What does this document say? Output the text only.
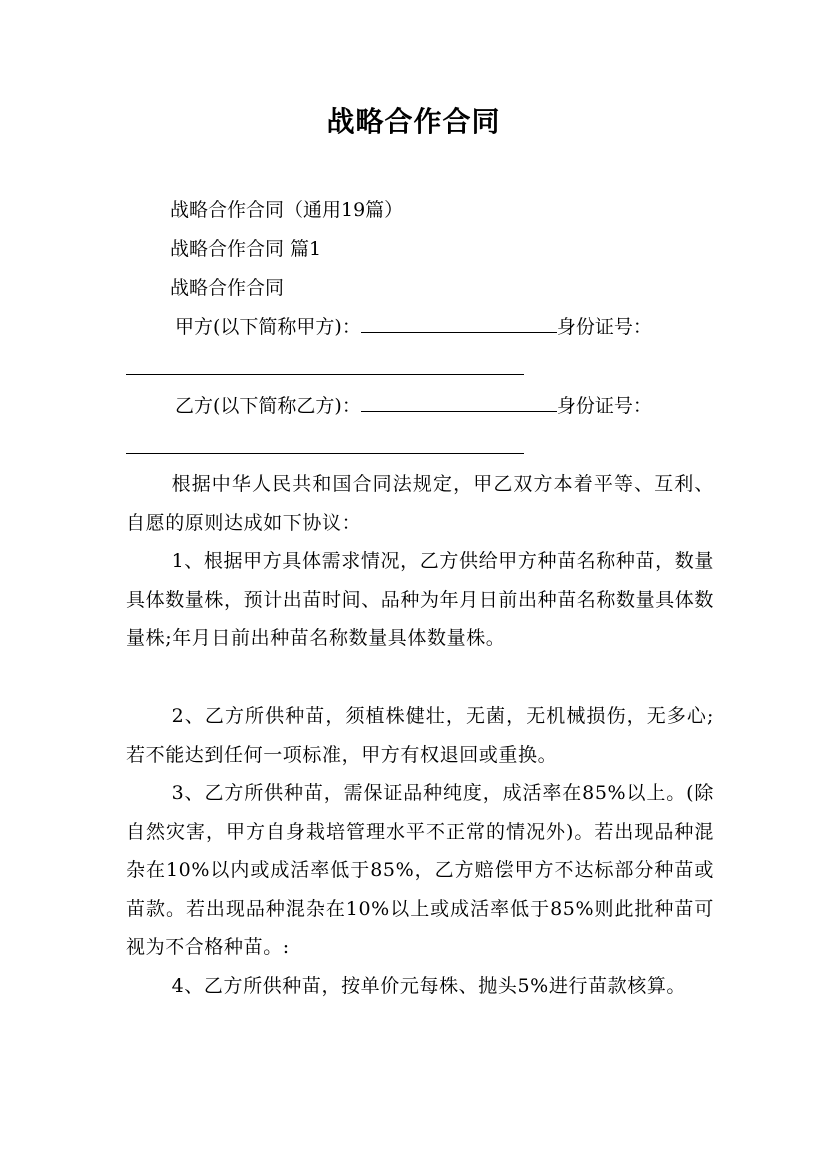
战略合作合同
战略合作合同（通用19篇）
战略合作合同 篇1
战略合作合同
甲方(以下简称甲方)：	身份证号：
乙方(以下简称乙方)：	身份证号：
根据中华人民共和国合同法规定，甲乙双方本着平等、互利、自愿的原则达成如下协议：
1、根据甲方具体需求情况，乙方供给甲方种苗名称种苗，数量具体数量株，预计出苗时间、品种为年月日前出种苗名称数量具体数量株;年月日前出种苗名称数量具体数量株。
2、乙方所供种苗，须植株健壮，无菌，无机械损伤，无多心;若不能达到任何一项标准，甲方有权退回或重换。
3、乙方所供种苗，需保证品种纯度，成活率在85%以上。(除自然灾害，甲方自身栽培管理水平不正常的情况外)。若出现品种混杂在10%以内或成活率低于85%，乙方赔偿甲方不达标部分种苗或苗款。若出现品种混杂在10%以上或成活率低于85%则此批种苗可视为不合格种苗。:
4、乙方所供种苗，按单价元每株、抛头5%进行苗款核算。
